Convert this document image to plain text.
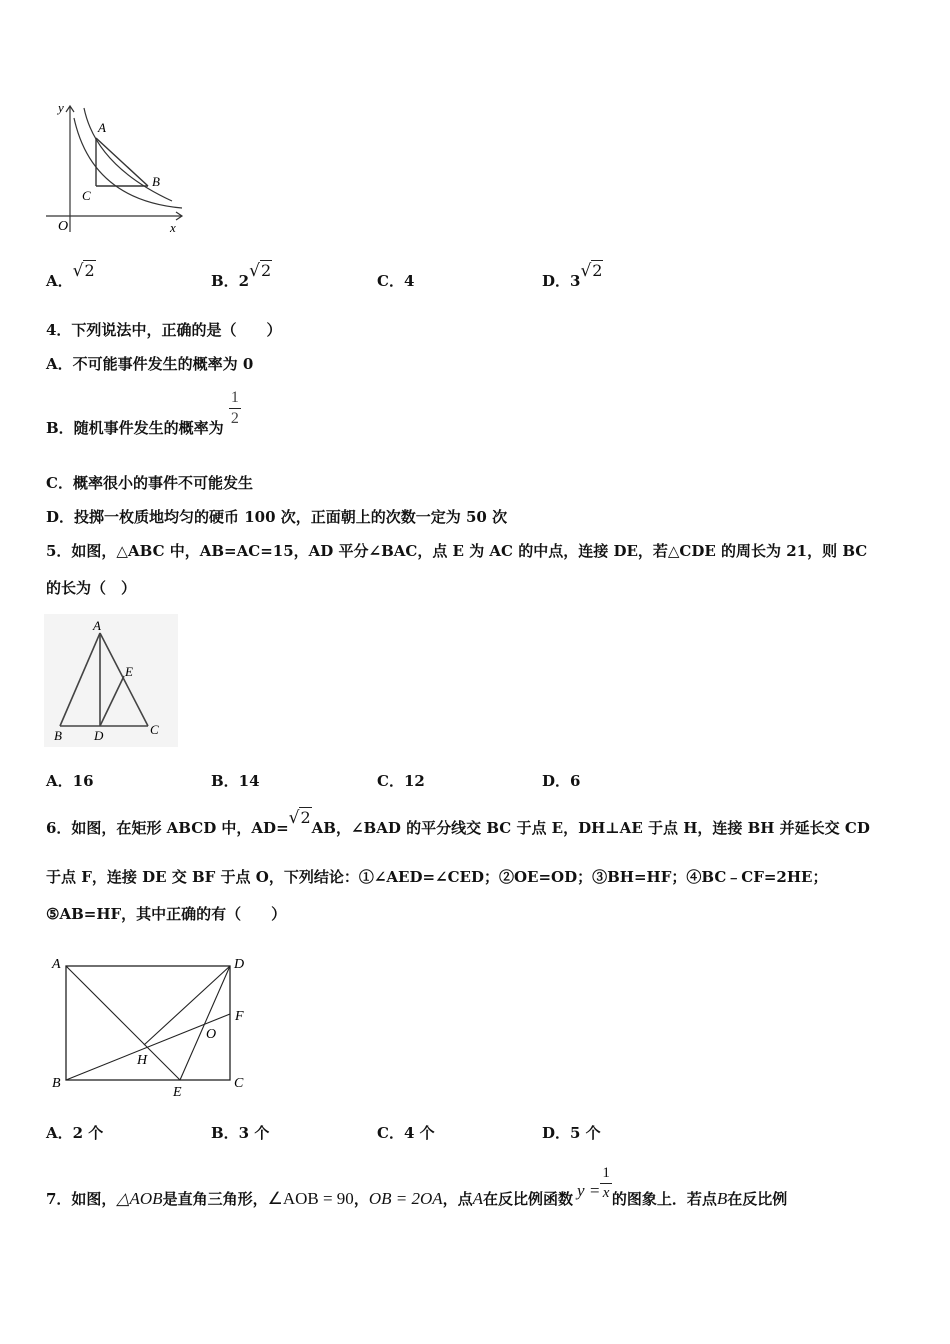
y
x
O
A
B
C
A．√2
B．2√2
C．4	D．3√2
4．下列说法中，正确的是（　　）
A．不可能事件发生的概率为 0
B．随机事件发生的概率为
$\frac{1}{2}$
C．概率很小的事件不可能发生
D．投掷一枚质地均匀的硬币 100 次，正面朝上的次数一定为 50 次
5．如图，△ABC 中，AB=AC=15，AD 平分∠BAC，点 E 为 AC 的中点，连接 DE，若△CDE 的周长为 21，则 BC
的长为（　）
A
B	C
D
E
A．16	B．14	C．12	D．6
6．如图，在矩形 ABCD 中，AD=√2AB，∠BAD 的平分线交 BC 于点 E，DH⊥AE 于点 H，连接 BH 并延长交 CD
于点 F，连接 DE 交 BF 于点 O，下列结论：①∠AED=∠CED；②OE=OD；③BH=HF；④BC﹣CF=2HE；
⑤AB=HF，其中正确的有（　　）
A	D
B	C
F
E
H
O
A．2 个	B．3 个	C．4 个	D．5 个
7．如图，△AOB是直角三角形，∠AOB = 90，OB = 2OA，点A在反比例函数 $y = \frac{1}{x}$ 的图象上．若点B在反比例
